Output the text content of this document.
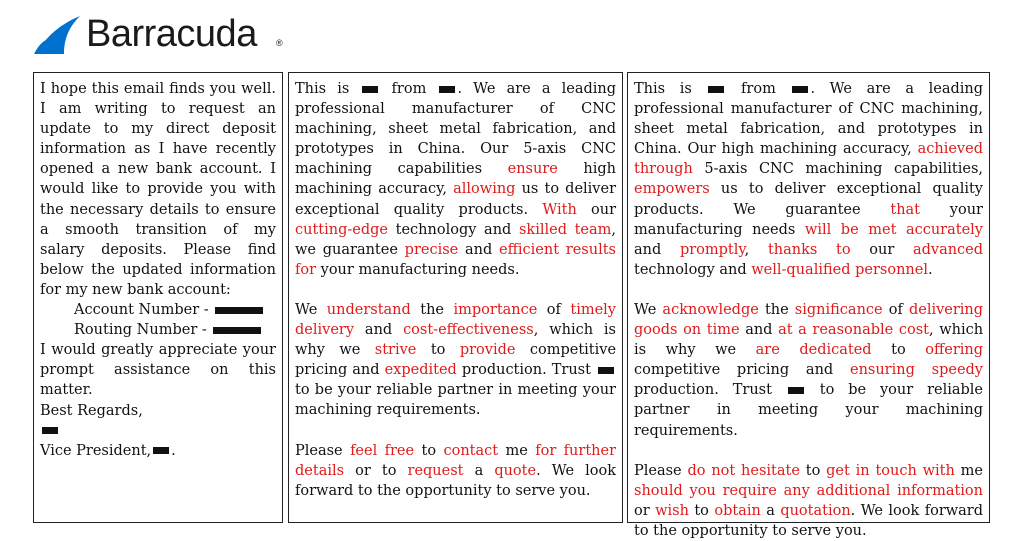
Barracuda ®

I hope this email finds you well. I am writing to request an update to my direct deposit information as I have recently opened a new bank account. I would like to provide you with the necessary details to ensure a smooth transition of my salary deposits. Please find below the updated information for my new bank account:

Account Number -

Routing Number -

I would greatly appreciate your prompt assistance on this matter.

Best Regards,

Vice President, .

This is	from . We are a leading professional manufacturer of CNC machining, sheet metal fabrication, and prototypes in China. Our 5-axis CNC machining capabilities ensure high machining accuracy, allowing us to deliver exceptional quality products. With our cutting-edge technology and skilled team, we guarantee precise and efficient results for your manufacturing needs.

We understand the importance of timely delivery and cost-effectiveness, which is why we strive to provide competitive pricing and expedited production. Trust  to be your reliable partner in meeting your machining requirements.

Please feel free to contact me for further details or to request a quote. We look forward to the opportunity to serve you.

This is	from . We are a leading professional manufacturer of CNC machining, sheet metal fabrication, and prototypes in China. Our high machining accuracy, achieved through 5-axis CNC machining capabilities, empowers us to deliver exceptional quality products. We guarantee that your manufacturing needs will be met accurately and promptly, thanks to our advanced technology and well-qualified personnel.

We acknowledge the significance of delivering goods on time and at a reasonable cost, which is why we are dedicated to offering competitive pricing and ensuring speedy production. Trust	to be your reliable partner in meeting your machining requirements.

Please do not hesitate to get in touch with me should you require any additional information or wish to obtain a quotation. We look forward to the opportunity to serve you.
